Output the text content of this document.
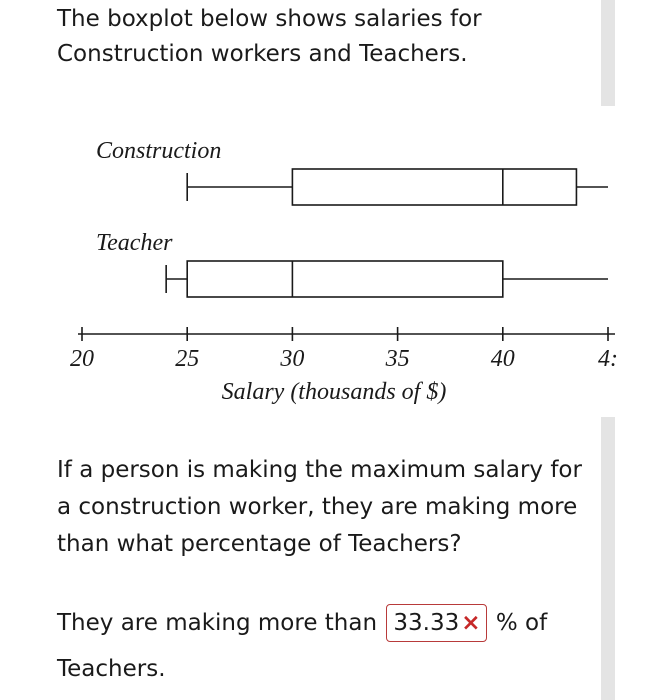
The boxplot below shows salaries for Construction workers and Teachers.

Construction
Teacher
20	25	30	35	40	4:
Salary (thousands of $)

If a person is making the maximum salary for a construction worker, they are making more than what percentage of Teachers?

They are making more than 33.33× % of
Teachers.
